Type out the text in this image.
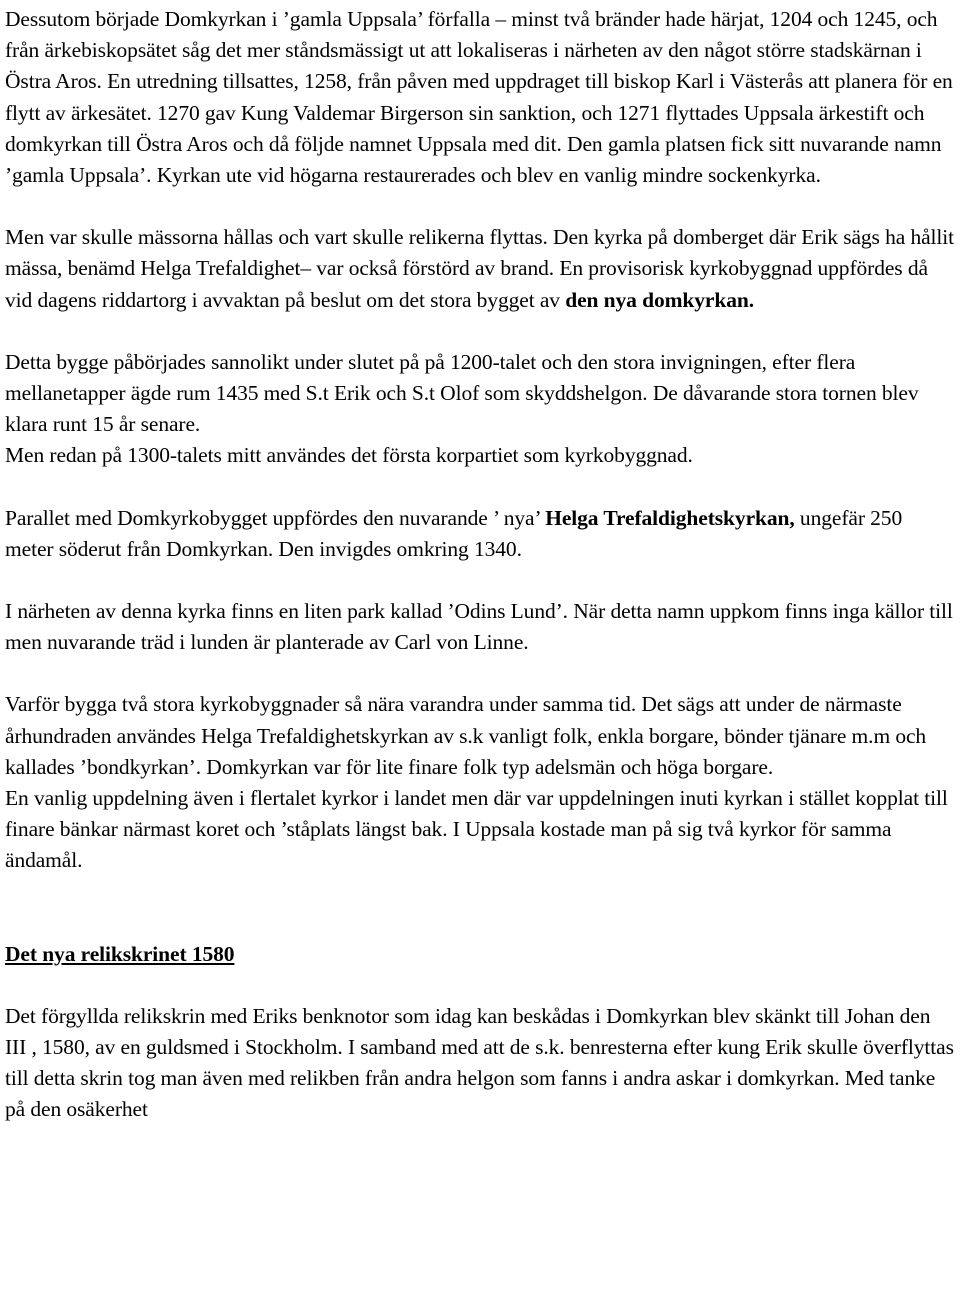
Dessutom började Domkyrkan i ’gamla Uppsala’ förfalla – minst två bränder hade härjat, 1204 och 1245, och från ärkebiskopsätet såg det mer ståndsmässigt ut att lokaliseras i närheten av den något större stadskärnan i Östra Aros. En utredning tillsattes, 1258, från påven med uppdraget till biskop Karl i Västerås att planera för en flytt av ärkesätet. 1270 gav Kung Valdemar Birgerson sin sanktion, och 1271 flyttades Uppsala ärkestift och domkyrkan till Östra Aros och då följde namnet Uppsala med dit. Den gamla platsen fick sitt nuvarande namn ’gamla Uppsala’. Kyrkan ute vid högarna restaurerades och blev en vanlig mindre sockenkyrka.

Men var skulle mässorna hållas och vart skulle relikerna flyttas. Den kyrka på domberget där Erik sägs ha hållit mässa, benämd Helga Trefaldighet– var också förstörd av brand. En provisorisk kyrkobyggnad uppfördes då vid dagens riddartorg i avvaktan på beslut om det stora bygget av den nya domkyrkan.

Detta bygge påbörjades sannolikt under slutet på på 1200-talet och den stora invigningen, efter flera mellanetapper ägde rum 1435 med S.t Erik och S.t Olof som skyddshelgon. De dåvarande stora tornen blev klara runt 15 år senare.

Men redan på 1300-talets mitt användes det första korpartiet som kyrkobyggnad.

Parallet med Domkyrkobygget uppfördes den nuvarande ’ nya’ Helga Trefaldighetskyrkan, ungefär 250 meter söderut från Domkyrkan. Den invigdes omkring 1340.

I närheten av denna kyrka finns en liten park kallad ’Odins Lund’. När detta namn uppkom finns inga källor till men nuvarande träd i lunden är planterade av Carl von Linne.

Varför bygga två stora kyrkobyggnader så nära varandra under samma tid. Det sägs att under de närmaste århundraden användes Helga Trefaldighetskyrkan av s.k vanligt folk, enkla borgare, bönder tjänare m.m och kallades ’bondkyrkan’. Domkyrkan var för lite finare folk typ adelsmän och höga borgare.

En vanlig uppdelning även i flertalet kyrkor i landet men där var uppdelningen inuti kyrkan i stället kopplat till finare bänkar närmast koret och ’ståplats längst bak. I Uppsala kostade man på sig två kyrkor för samma ändamål.

Det nya relikskrinet 1580

Det förgyllda relikskrin med Eriks benknotor som idag kan beskådas i Domkyrkan blev skänkt till Johan den III , 1580, av en guldsmed i Stockholm. I samband med att de s.k. benresterna efter kung Erik skulle överflyttas till detta skrin tog man även med relikben från andra helgon som fanns i andra askar i domkyrkan. Med tanke på den osäkerhet
